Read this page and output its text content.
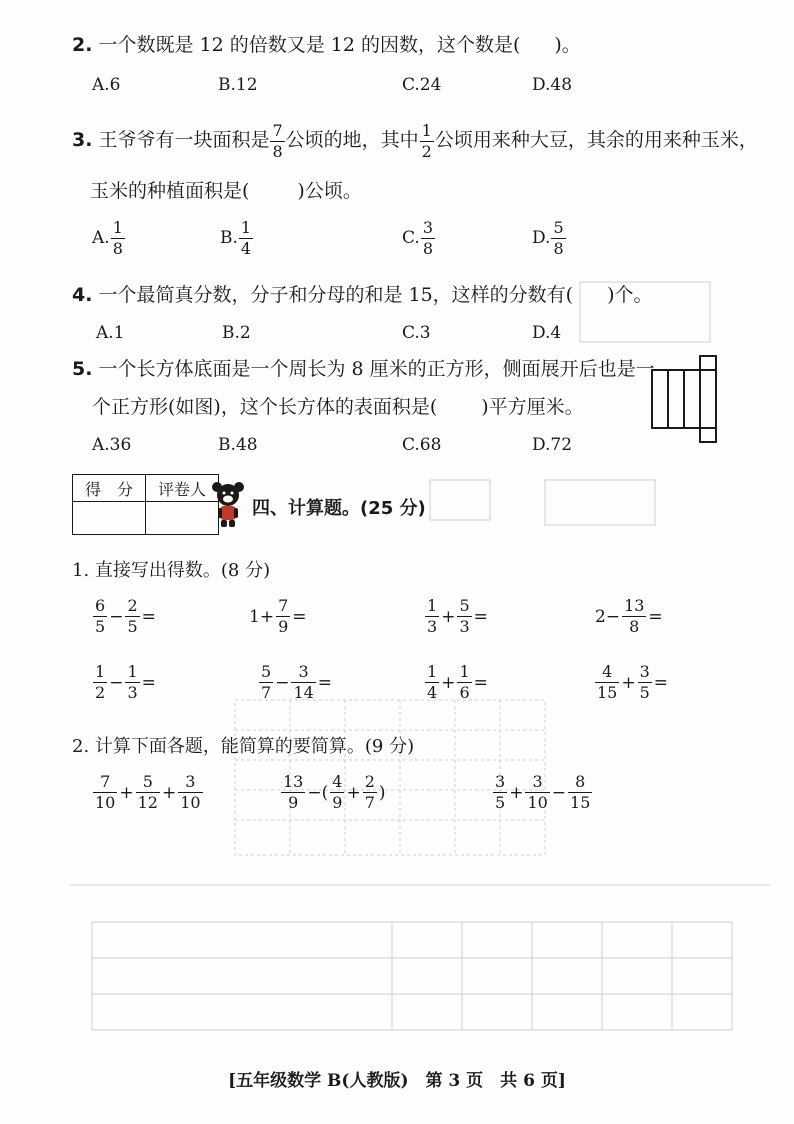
2. 一个数既是 12 的倍数又是 12 的因数，这个数是( )。
A.6	B.12	C.24	D.48
3. 王爷爷有一块面积是 $\frac{7}{8}$ 公顷的地，其中 $\frac{1}{2}$ 公顷用来种大豆，其余的用来种玉米，
玉米的种植面积是(	)公顷。
A. $\frac{1}{8}$	B. $\frac{1}{4}$	C. $\frac{3}{8}$	D. $\frac{5}{8}$
4. 一个最简真分数，分子和分母的和是 15，这样的分数有( )个。
A.1	B.2	C.3	D.4
5. 一个长方体底面是一个周长为 8 厘米的正方形，侧面展开后也是一
个正方形(如图)，这个长方体的表面积是( )平方厘米。
A.36	B.48	C.68	D.72
得　分	评卷人

四、计算题。(25 分)
1. 直接写出得数。(8 分)
$\frac{6}{5} - \frac{2}{5}$ =	$1+ \frac{7}{9}$ =	$\frac{1}{3} + \frac{5}{3}$ =	$2- \frac{13}{8}$ =
$\frac{1}{2} - \frac{1}{3}$ =	$\frac{5}{7} - \frac{3}{14}$ =	$\frac{1}{4} + \frac{1}{6}$ =	$\frac{4}{15} + \frac{3}{5}$ =
2. 计算下面各题，能简算的要简算。(9 分)
$\frac{7}{10} + \frac{5}{12} + \frac{3}{10}$	$\frac{13}{9}$ −( $\frac{4}{9} + \frac{2}{7}$ )	$\frac{3}{5} + \frac{3}{10} - \frac{8}{15}$
[五年级数学 B(人教版)　第 3 页　共 6 页]
